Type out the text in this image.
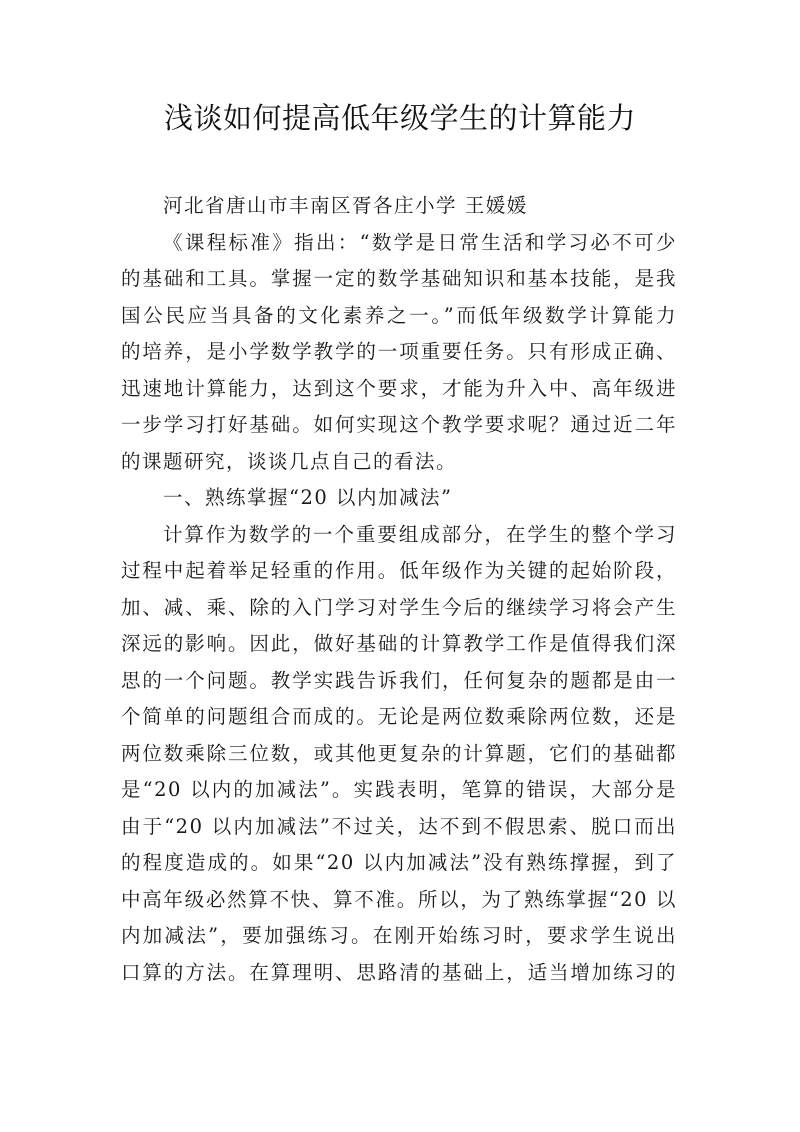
浅谈如何提高低年级学生的计算能力
河北省唐山市丰南区胥各庄小学 王媛媛
《课程标准》指出：“数学是日常生活和学习必不可少
的基础和工具。掌握一定的数学基础知识和基本技能，是我
国公民应当具备的文化素养之一。”而低年级数学计算能力
的培养，是小学数学教学的一项重要任务。只有形成正确、
迅速地计算能力，达到这个要求，才能为升入中、高年级进
一步学习打好基础。如何实现这个教学要求呢？通过近二年
的课题研究，谈谈几点自己的看法。
一、熟练掌握“20 以内加减法”
计算作为数学的一个重要组成部分，在学生的整个学习
过程中起着举足轻重的作用。低年级作为关键的起始阶段，
加、减、乘、除的入门学习对学生今后的继续学习将会产生
深远的影响。因此，做好基础的计算教学工作是值得我们深
思的一个问题。教学实践告诉我们，任何复杂的题都是由一
个简单的问题组合而成的。无论是两位数乘除两位数，还是
两位数乘除三位数，或其他更复杂的计算题，它们的基础都
是“20 以内的加减法”。实践表明，笔算的错误，大部分是
由于“20 以内加减法”不过关，达不到不假思索、脱口而出
的程度造成的。如果“20 以内加减法”没有熟练撑握，到了
中高年级必然算不快、算不准。所以，为了熟练掌握“20 以
内加减法”，要加强练习。在刚开始练习时，要求学生说出
口算的方法。在算理明、思路清的基础上，适当增加练习的
